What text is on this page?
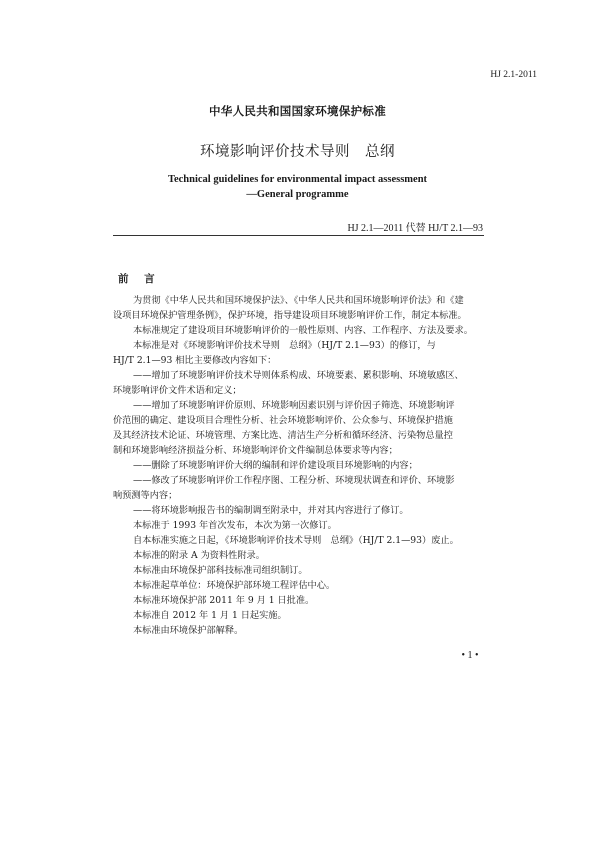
HJ 2.1-2011
中华人民共和国国家环境保护标准
环境影响评价技术导则　总纲
Technical guidelines for environmental impact assessment
—General programme
HJ 2.1—2011 代替 HJ/T 2.1—93
前 言

为贯彻《中华人民共和国环境保护法》、《中华人民共和国环境影响评价法》和《建

设项目环境保护管理条例》，保护环境，指导建设项目环境影响评价工作，制定本标准。

本标准规定了建设项目环境影响评价的一般性原则、内容、工作程序、方法及要求。

本标准是对《环境影响评价技术导则　总纲》（HJ/T 2.1—93）的修订，与

HJ/T 2.1—93 相比主要修改内容如下：

——增加了环境影响评价技术导则体系构成、环境要素、累积影响、环境敏感区、

环境影响评价文件术语和定义；

——增加了环境影响评价原则、环境影响因素识别与评价因子筛选、环境影响评

价范围的确定、建设项目合理性分析、社会环境影响评价、公众参与、环境保护措施

及其经济技术论证、环境管理、方案比选、清洁生产分析和循环经济、污染物总量控

制和环境影响经济损益分析、环境影响评价文件编制总体要求等内容；

——删除了环境影响评价大纲的编制和评价建设项目环境影响的内容；

——修改了环境影响评价工作程序图、工程分析、环境现状调查和评价、环境影

响预测等内容；

——将环境影响报告书的编制调至附录中，并对其内容进行了修订。

本标准于 1993 年首次发布，本次为第一次修订。

自本标准实施之日起，《环境影响评价技术导则　总纲》（HJ/T 2.1—93）废止。

本标准的附录 A 为资料性附录。

本标准由环境保护部科技标准司组织制订。

本标准起草单位：环境保护部环境工程评估中心。

本标准环境保护部 2011 年 9 月 1 日批准。

本标准自 2012 年 1 月 1 日起实施。

本标准由环境保护部解释。

• 1 •
